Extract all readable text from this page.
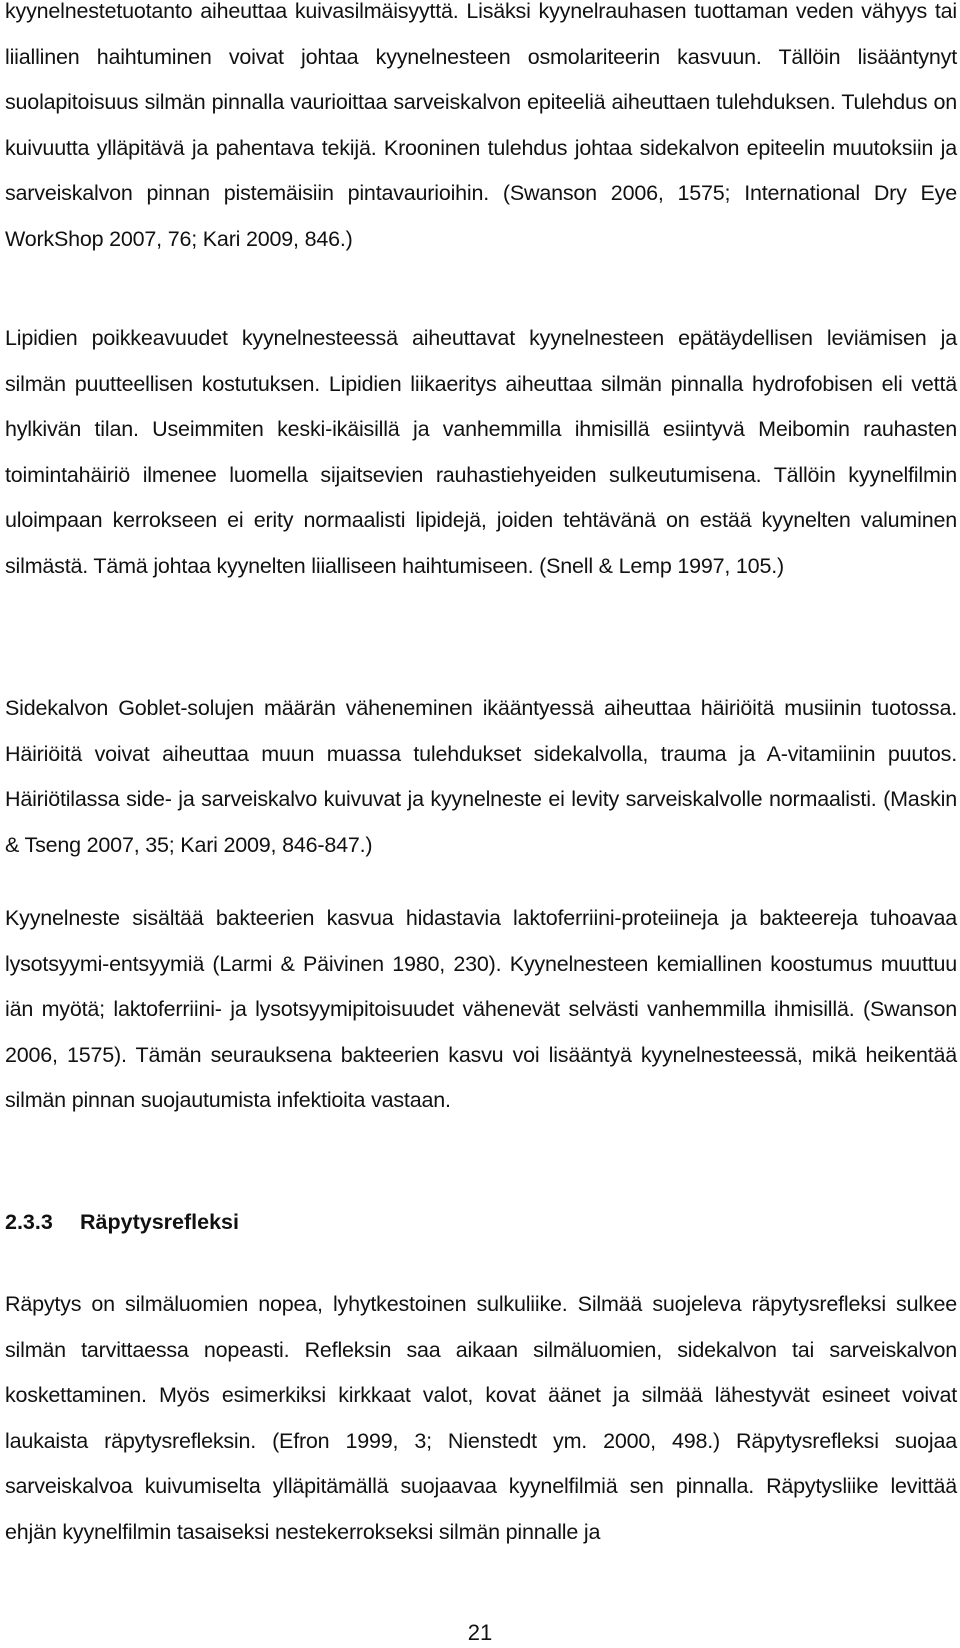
kyynelnestetuotanto aiheuttaa kuivasilmäisyyttä. Lisäksi kyynelrauhasen tuottaman veden vähyys tai liiallinen haihtuminen voivat johtaa kyynelnesteen osmolariteerin kasvuun. Tällöin lisääntynyt suolapitoisuus silmän pinnalla vaurioittaa sarveiskalvon epiteeliä aiheuttaen tulehduksen. Tulehdus on kuivuutta ylläpitävä ja pahentava tekijä. Krooninen tulehdus johtaa sidekalvon epiteelin muutoksiin ja sarveiskalvon pinnan pistemäisiin pintavaurioihin. (Swanson 2006, 1575; International Dry Eye WorkShop 2007, 76; Kari 2009, 846.)

Lipidien poikkeavuudet kyynelnesteessä aiheuttavat kyynelnesteen epätäydellisen leviämisen ja silmän puutteellisen kostutuksen. Lipidien liikaeritys aiheuttaa silmän pinnalla hydrofobisen eli vettä hylkivän tilan. Useimmiten keski-ikäisillä ja vanhemmilla ihmisillä esiintyvä Meibomin rauhasten toimintahäiriö ilmenee luomella sijaitsevien rauhastiehyeiden sulkeutumisena. Tällöin kyynelfilmin uloimpaan kerrokseen ei erity normaalisti lipidejä, joiden tehtävänä on estää kyynelten valuminen silmästä. Tämä johtaa kyynelten liialliseen haihtumiseen. (Snell & Lemp 1997, 105.)

Sidekalvon Goblet-solujen määrän väheneminen ikääntyessä aiheuttaa häiriöitä musiinin tuotossa. Häiriöitä voivat aiheuttaa muun muassa tulehdukset sidekalvolla, trauma ja A-vitamiinin puutos. Häiriötilassa side- ja sarveiskalvo kuivuvat ja kyynelneste ei levity sarveiskalvolle normaalisti. (Maskin & Tseng 2007, 35; Kari 2009, 846-847.)

Kyynelneste sisältää bakteerien kasvua hidastavia laktoferriini-proteiineja ja bakteereja tuhoavaa lysotsyymi-entsyymiä (Larmi & Päivinen 1980, 230). Kyynelnesteen kemiallinen koostumus muuttuu iän myötä; laktoferriini- ja lysotsyymipitoisuudet vähenevät selvästi vanhemmilla ihmisillä. (Swanson 2006, 1575). Tämän seurauksena bakteerien kasvu voi lisääntyä kyynelnesteessä, mikä heikentää silmän pinnan suojautumista infektioita vastaan.

2.3.3 Räpytysrefleksi

Räpytys on silmäluomien nopea, lyhytkestoinen sulkuliike. Silmää suojeleva räpytysrefleksi sulkee silmän tarvittaessa nopeasti. Refleksin saa aikaan silmäluomien, sidekalvon tai sarveiskalvon koskettaminen. Myös esimerkiksi kirkkaat valot, kovat äänet ja silmää lähestyvät esineet voivat laukaista räpytysrefleksin. (Efron 1999, 3; Nienstedt ym. 2000, 498.) Räpytysrefleksi suojaa sarveiskalvoa kuivumiselta ylläpitämällä suojaavaa kyynelfilmiä sen pinnalla. Räpytysliike levittää ehjän kyynelfilmin tasaiseksi nestekerrokseksi silmän pinnalle ja

21
